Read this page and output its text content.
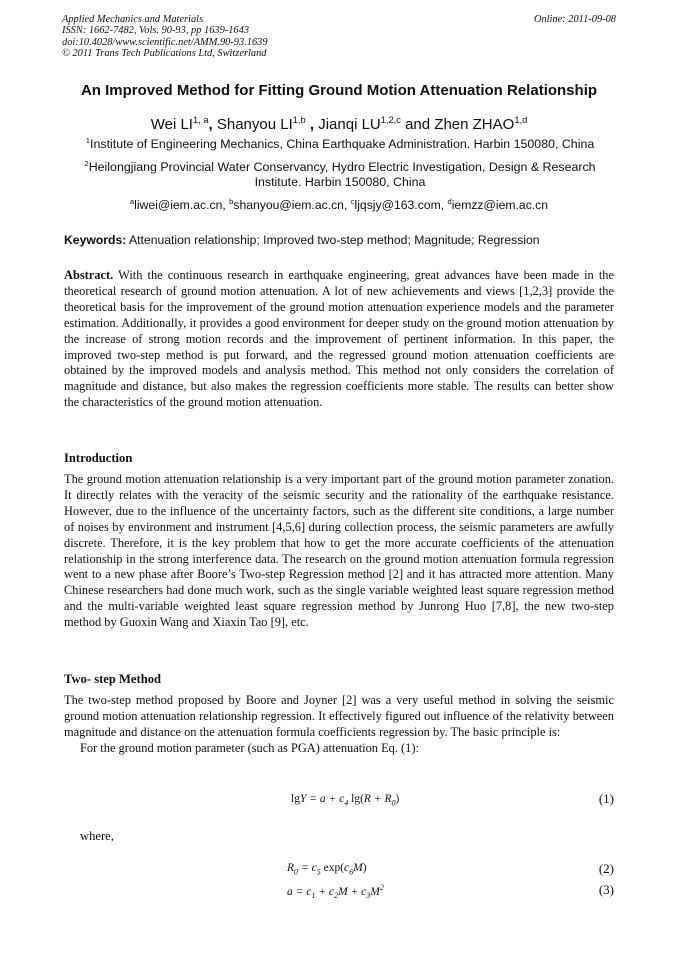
Applied Mechanics and Materials
ISSN: 1662-7482, Vols. 90-93, pp 1639-1643
doi:10.4028/www.scientific.net/AMM.90-93.1639
© 2011 Trans Tech Publications Ltd, Switzerland
Online: 2011-09-08
An Improved Method for Fitting Ground Motion Attenuation Relationship
Wei LI$^{1, a}$, Shanyou LI$^{1,b}$ , Jianqi LU$^{1,2,c}$ and Zhen ZHAO$^{1,d}$
$^1$Institute of Engineering Mechanics, China Earthquake Administration. Harbin 150080, China
$^2$Heilongjiang Provincial Water Conservancy, Hydro Electric Investigation, Design & Research Institute. Harbin 150080, China
$^a$liwei@iem.ac.cn, $^b$shanyou@iem.ac.cn, $^c$ljqsjy@163.com, $^d$iemzz@iem.ac.cn
Keywords: Attenuation relationship; Improved two-step method; Magnitude; Regression
Abstract. With the continuous research in earthquake engineering, great advances have been made in the theoretical research of ground motion attenuation. A lot of new achievements and views [1,2,3] provide the theoretical basis for the improvement of the ground motion attenuation experience models and the parameter estimation. Additionally, it provides a good environment for deeper study on the ground motion attenuation by the increase of strong motion records and the improvement of pertinent information. In this paper, the improved two-step method is put forward, and the regressed ground motion attenuation coefficients are obtained by the improved models and analysis method. This method not only considers the correlation of magnitude and distance, but also makes the regression coefficients more stable. The results can better show the characteristics of the ground motion attenuation.
Introduction
The ground motion attenuation relationship is a very important part of the ground motion parameter zonation. It directly relates with the veracity of the seismic security and the rationality of the earthquake resistance. However, due to the influence of the uncertainty factors, such as the different site conditions, a large number of noises by environment and instrument [4,5,6] during collection process, the seismic parameters are awfully discrete. Therefore, it is the key problem that how to get the more accurate coefficients of the attenuation relationship in the strong interference data. The research on the ground motion attenuation formula regression went to a new phase after Boore’s Two-step Regression method [2] and it has attracted more attention. Many Chinese researchers had done much work, such as the single variable weighted least square regression method and the multi-variable weighted least square regression method by Junrong Huo [7,8], the new two-step method by Guoxin Wang and Xiaxin Tao [9], etc.
Two- step Method
The two-step method proposed by Boore and Joyner [2] was a very useful method in solving the seismic ground motion attenuation relationship regression. It effectively figured out influence of the relativity between magnitude and distance on the attenuation formula coefficients regression by. The basic principle is:
For the ground motion parameter (such as PGA) attenuation Eq. (1):
$\lg Y = a + c_4$ $\lg(R + R_0)$	(1)
where,
$R_0 = c_5$ $\exp(c_6M)$	(2)
$a = c_1 + c_2M + c_3M^2$	(3)
